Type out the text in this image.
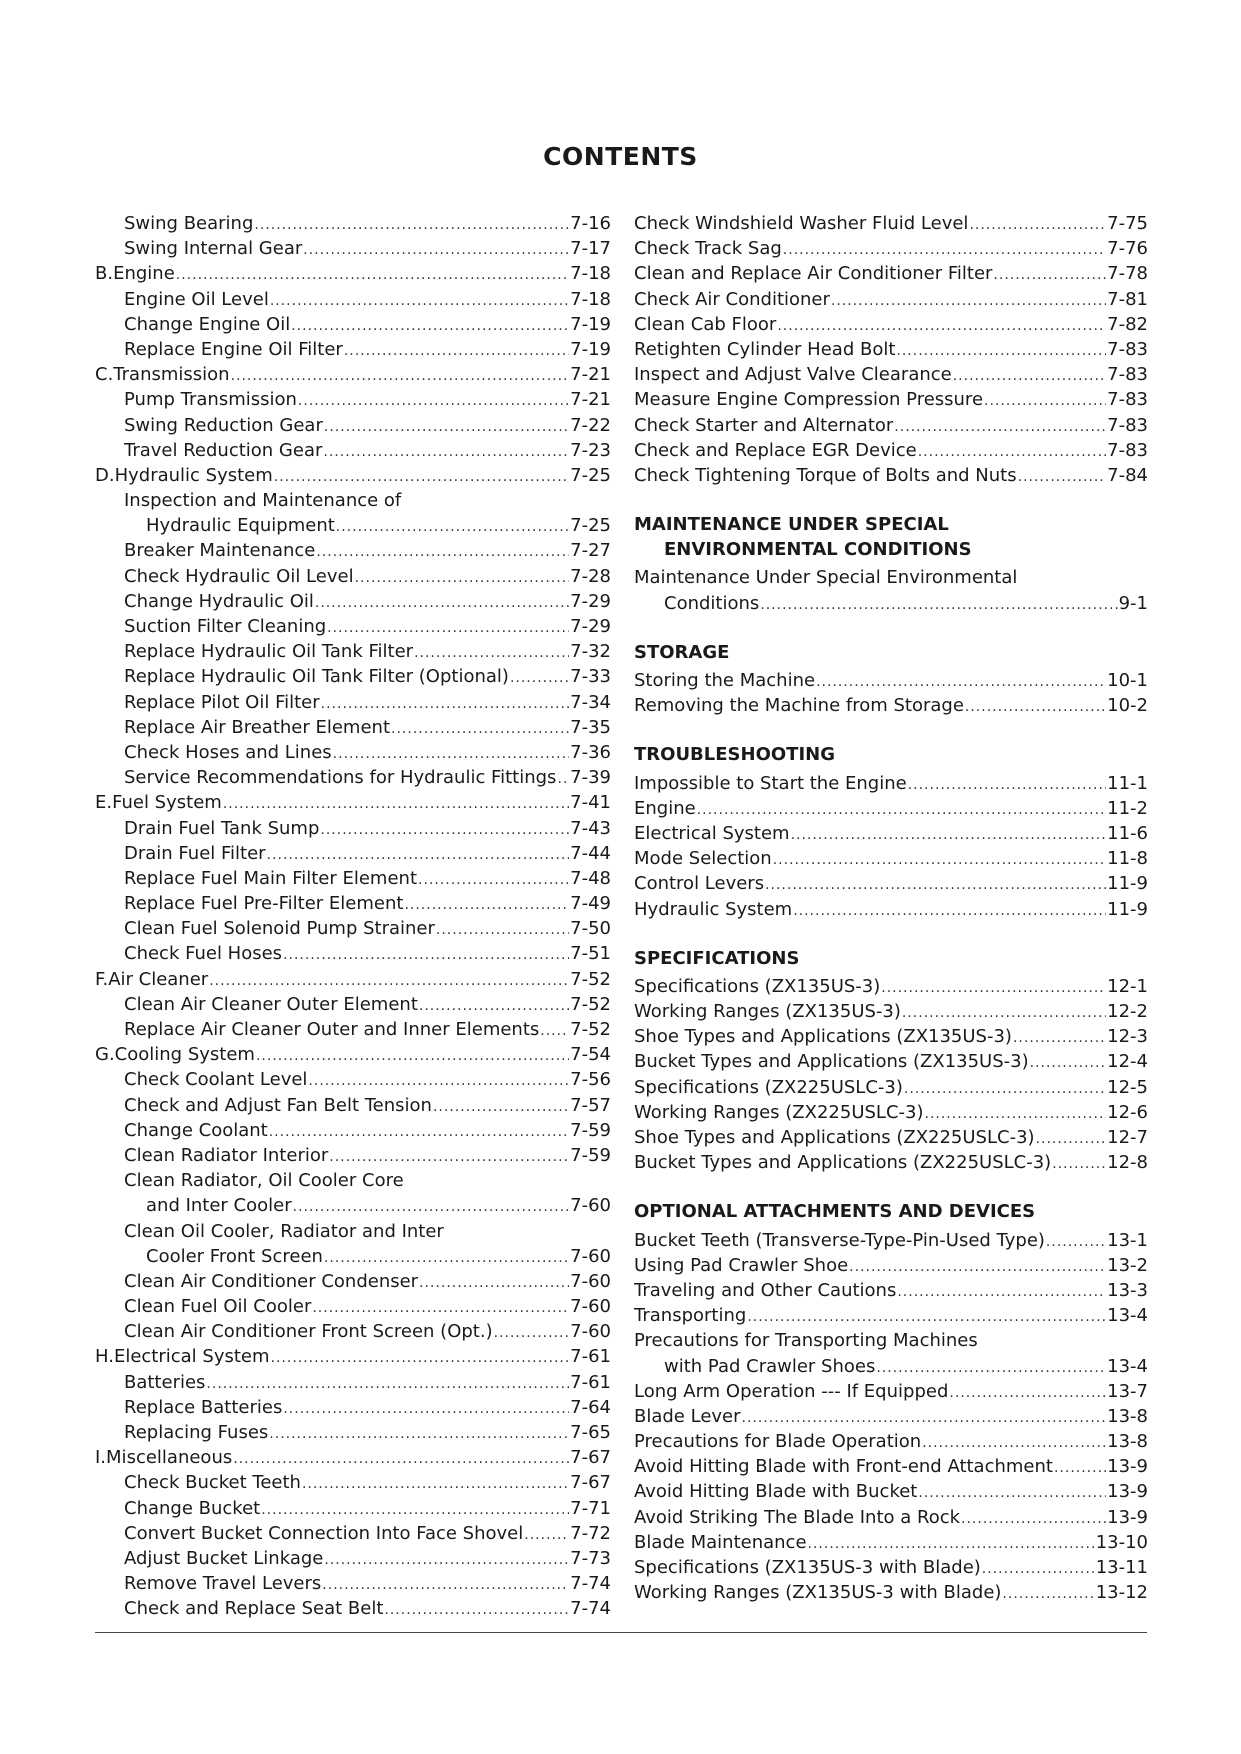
CONTENTS
Swing Bearing .....	7-16
Swing Internal Gear .....	7-17
B. Engine .....	7-18
Engine Oil Level .....	7-18
Change Engine Oil .....	7-19
Replace Engine Oil Filter .....	7-19
C. Transmission .....	7-21
Pump Transmission .....	7-21
Swing Reduction Gear .....	7-22
Travel Reduction Gear .....	7-23
D. Hydraulic System .....	7-25
Inspection and Maintenance of
Hydraulic Equipment .....	7-25
Breaker Maintenance .....	7-27
Check Hydraulic Oil Level .....	7-28
Change Hydraulic Oil .....	7-29
Suction Filter Cleaning .....	7-29
Replace Hydraulic Oil Tank Filter .....	7-32
Replace Hydraulic Oil Tank Filter (Optional) .....	7-33
Replace Pilot Oil Filter .....	7-34
Replace Air Breather Element .....	7-35
Check Hoses and Lines .....	7-36
Service Recommendations for Hydraulic Fittings ..... 7-39
E. Fuel System .....	7-41
Drain Fuel Tank Sump .....	7-43
Drain Fuel Filter .....	7-44
Replace Fuel Main Filter Element .....	7-48
Replace Fuel Pre-Filter Element .....	7-49
Clean Fuel Solenoid Pump Strainer .....	7-50
Check Fuel Hoses .....	7-51
F. Air Cleaner .....	7-52
Clean Air Cleaner Outer Element .....	7-52
Replace Air Cleaner Outer and Inner Elements ..... 7-52
G. Cooling System .....	7-54
Check Coolant Level .....	7-56
Check and Adjust Fan Belt Tension .....	7-57
Change Coolant .....	7-59
Clean Radiator Interior .....	7-59
Clean Radiator, Oil Cooler Core
and Inter Cooler .....	7-60
Clean Oil Cooler, Radiator and Inter
Cooler Front Screen .....	7-60
Clean Air Conditioner Condenser .....	7-60
Clean Fuel Oil Cooler .....	7-60
Clean Air Conditioner Front Screen (Opt.) .....	7-60
H. Electrical System .....	7-61
Batteries .....	7-61
Replace Batteries .....	7-64
Replacing Fuses .....	7-65
I. Miscellaneous .....	7-67
Check Bucket Teeth .....	7-67
Change Bucket .....	7-71
Convert Bucket Connection Into Face Shovel .....	7-72
Adjust Bucket Linkage .....	7-73
Remove Travel Levers .....	7-74
Check and Replace Seat Belt .....	7-74
Check Windshield Washer Fluid Level .....	7-75
Check Track Sag .....	7-76
Clean and Replace Air Conditioner Filter .....	7-78
Check Air Conditioner .....	7-81
Clean Cab Floor .....	7-82
Retighten Cylinder Head Bolt .....	7-83
Inspect and Adjust Valve Clearance .....	7-83
Measure Engine Compression Pressure .....	7-83
Check Starter and Alternator .....	7-83
Check and Replace EGR Device .....	7-83
Check Tightening Torque of Bolts and Nuts .....	7-84
MAINTENANCE UNDER SPECIAL
ENVIRONMENTAL CONDITIONS
Maintenance Under Special Environmental
Conditions .....	9-1
STORAGE
Storing the Machine .....	10-1
Removing the Machine from Storage .....	10-2
TROUBLESHOOTING
Impossible to Start the Engine .....	11-1
Engine .....	11-2
Electrical System .....	11-6
Mode Selection .....	11-8
Control Levers .....	11-9
Hydraulic System .....	11-9
SPECIFICATIONS
Specifications (ZX135US-3) .....	12-1
Working Ranges (ZX135US-3) .....	12-2
Shoe Types and Applications (ZX135US-3) .....	12-3
Bucket Types and Applications (ZX135US-3) .....	12-4
Specifications (ZX225USLC-3) .....	12-5
Working Ranges (ZX225USLC-3) .....	12-6
Shoe Types and Applications (ZX225USLC-3) .....	12-7
Bucket Types and Applications (ZX225USLC-3) .....	12-8
OPTIONAL ATTACHMENTS AND DEVICES
Bucket Teeth (Transverse-Type-Pin-Used Type) .....	13-1
Using Pad Crawler Shoe .....	13-2
Traveling and Other Cautions .....	13-3
Transporting .....	13-4
Precautions for Transporting Machines
with Pad Crawler Shoes .....	13-4
Long Arm Operation --- If Equipped .....	13-7
Blade Lever .....	13-8
Precautions for Blade Operation .....	13-8
Avoid Hitting Blade with Front-end Attachment .....	13-9
Avoid Hitting Blade with Bucket .....	13-9
Avoid Striking The Blade Into a Rock .....	13-9
Blade Maintenance .....	13-10
Specifications (ZX135US-3 with Blade) .....	13-11
Working Ranges (ZX135US-3 with Blade) .....	13-12
